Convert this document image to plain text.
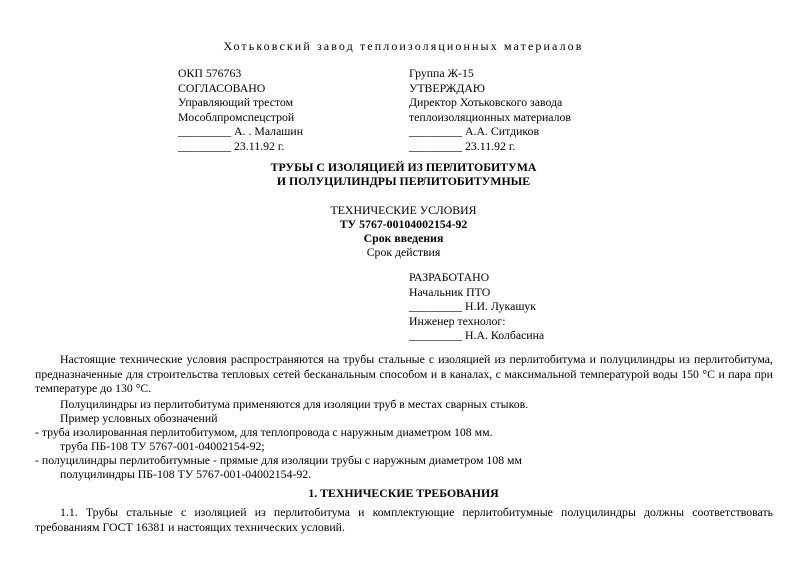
Хотьковский завод теплоизоляционных материалов
ОКП 576763
СОГЛАСОВАНО
Управляющий трестом
Мособлпромспецстрой
_________ А. . Малашин
_________ 23.11.92 г.
Группа Ж-15
УТВЕРЖДАЮ
Директор Хотьковского завода
теплоизоляционных материалов
_________ А.А. Ситдиков
_________ 23.11.92 г.
ТРУБЫ С ИЗОЛЯЦИЕЙ ИЗ ПЕРЛИТОБИТУМА
И ПОЛУЦИЛИНДРЫ ПЕРЛИТОБИТУМНЫЕ
ТЕХНИЧЕСКИЕ УСЛОВИЯ
ТУ 5767-00104002154-92
Срок введения
Срок действия
РАЗРАБОТАНО
Начальник ПТО
_________ Н.И. Лукашук
Инженер технолог:
_________ Н.А. Колбасина
Настоящие технические условия распространяются на трубы стальные с изоляцией из перлитобитума и полуцилиндры из перлитобитума, предназначенные для строительства тепловых сетей бесканальным способом и в каналах, с максимальной температурой воды 150 °С и пара при температуре до 130 °С.
Полуцилиндры из перлитобитума применяются для изоляции труб в местах сварных стыков.
Пример условных обозначений
- труба изолированная перлитобитумом, для теплопровода с наружным диаметром 108 мм.
труба ПБ-108 ТУ 5767-001-04002154-92;
- полуцилиндры перлитобитумные - прямые для изоляции трубы с наружным диаметром 108 мм
полуцилиндры ПБ-108 ТУ 5767-001-04002154-92.
1. ТЕХНИЧЕСКИЕ ТРЕБОВАНИЯ
1.1. Трубы стальные с изоляцией из перлитобитума и комплектующие перлитобитумные полуцилиндры должны соответствовать требованиям ГОСТ 16381 и настоящих технических условий.
